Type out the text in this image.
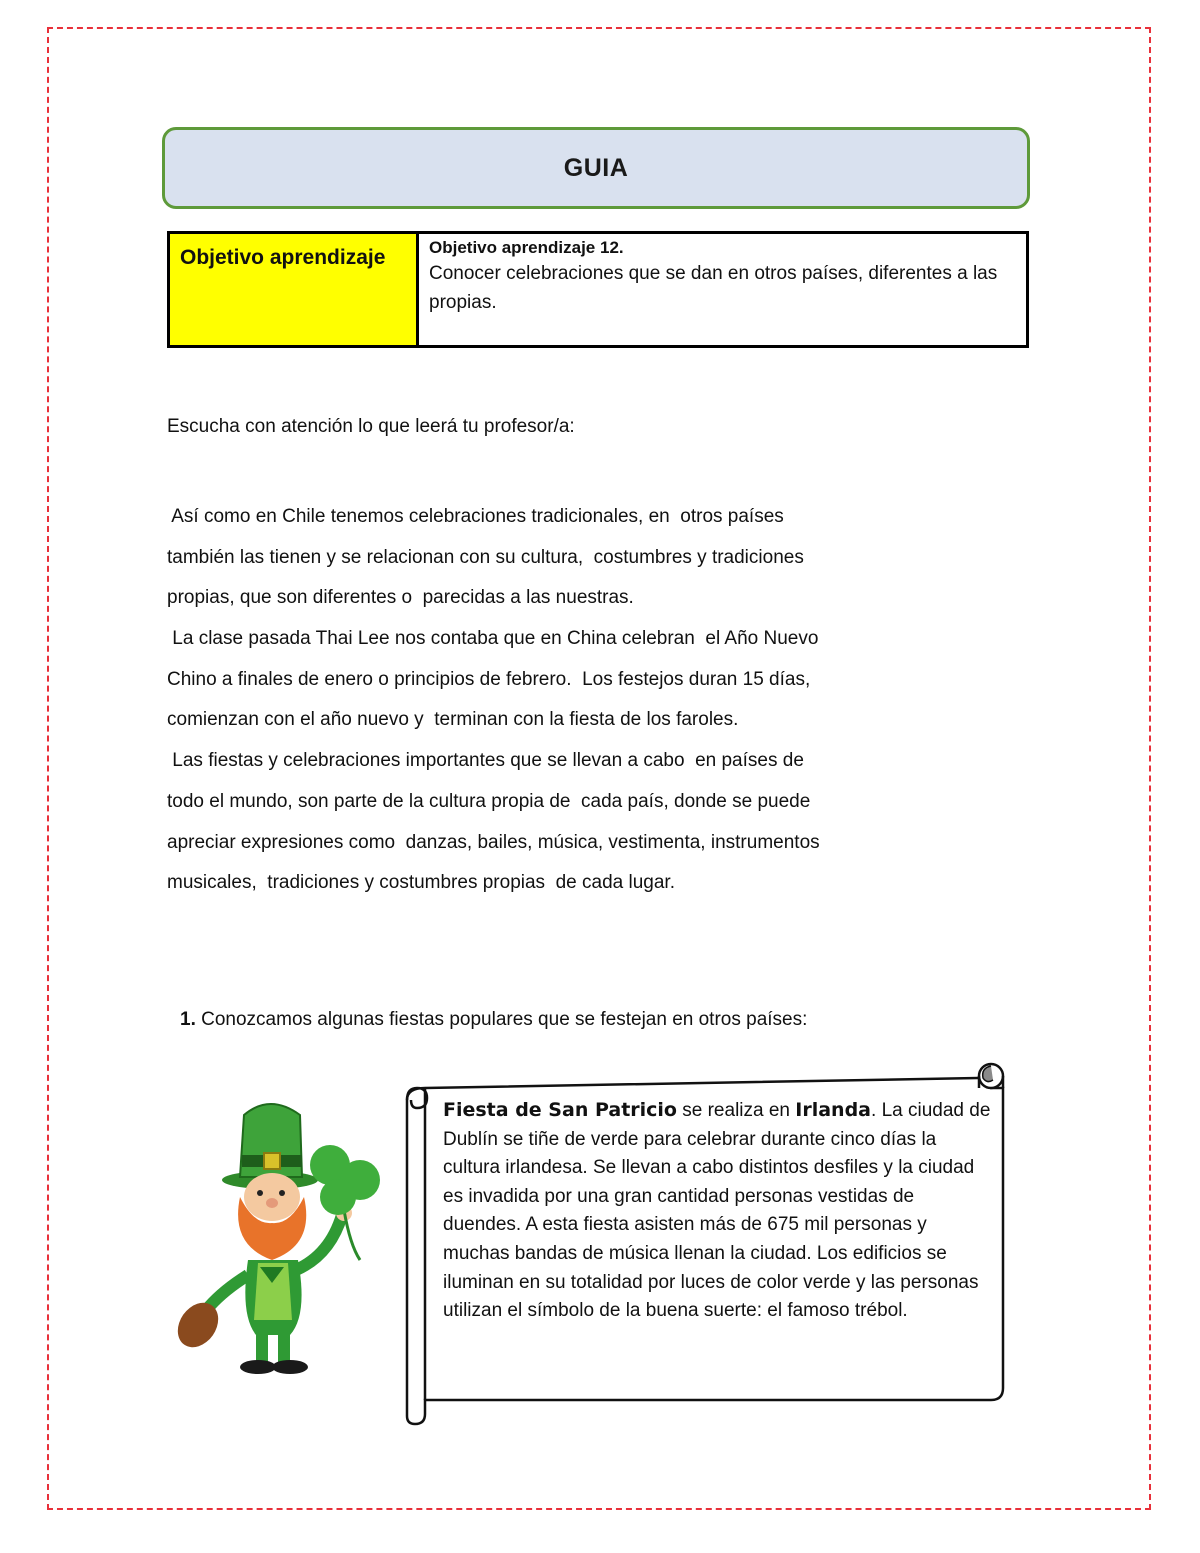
GUIA
Objetivo aprendizaje	Objetivo aprendizaje 12.
Conocer celebraciones que se dan en otros países, diferentes a las propias.
Escucha con atención lo que leerá tu profesor/a:
Así como en Chile tenemos celebraciones tradicionales, en  otros países
también las tienen y se relacionan con su cultura,  costumbres y tradiciones
propias, que son diferentes o  parecidas a las nuestras.
La clase pasada Thai Lee nos contaba que en China celebran  el Año Nuevo
Chino a finales de enero o principios de febrero.  Los festejos duran 15 días,
comienzan con el año nuevo y  terminan con la fiesta de los faroles.
Las fiestas y celebraciones importantes que se llevan a cabo  en países de
todo el mundo, son parte de la cultura propia de  cada país, donde se puede
apreciar expresiones como  danzas, bailes, música, vestimenta, instrumentos
musicales,  tradiciones y costumbres propias  de cada lugar.
1. Conozcamos algunas fiestas populares que se festejan en otros países:
Fiesta de San Patricio se realiza en Irlanda. La ciudad de Dublín se tiñe de verde para celebrar durante cinco días la cultura irlandesa. Se llevan a cabo distintos desfiles y la ciudad es invadida por una gran cantidad personas vestidas de duendes. A esta fiesta asisten más de 675 mil personas y muchas bandas de música llenan la ciudad. Los edificios se iluminan en su totalidad por luces de color verde y las personas utilizan el símbolo de la buena suerte: el famoso trébol.
